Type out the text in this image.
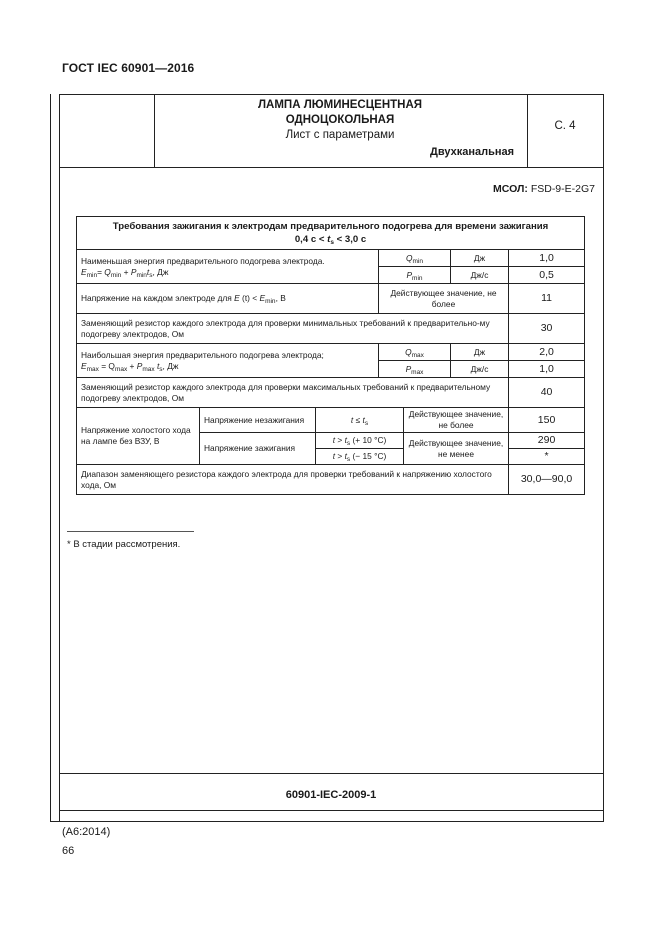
ГОСТ IEC 60901—2016
ЛАМПА ЛЮМИНЕСЦЕНТНАЯ
ОДНОЦОКОЛЬНАЯ
Лист с параметрами
Двухканальная
С. 4
МСОЛ: FSD-9-E-2G7
Требования зажигания к электродам предварительного подогрева для времени зажигания
0,4 $с < t_s < 3,0$ с						

Наименьшая энергия предварительного подогрева электрода.
$E_{min}= Q_{min} + P_{min}t_s$, Дж			$Q_{min}$		Дж	1,0
			$P_{min}$		Дж/с	0,5
Напряжение на каждом электроде для E $(t) < E_{min}$, В			Действующее значение, не более			11
Заменяющий резистор каждого электрода для проверки минимальных требований к предварительно-му подогреву электродов, Ом						30

Наибольшая энергия предварительного подогрева электрода;
$E_{max} = Q_{max} + P_{max}$ $t_s$, Дж			$Q_{max}$		Дж	2,0
			$P_{max}$		Дж/с	1,0
Заменяющий резистор каждого электрода для проверки максимальных требований к предварительному подогреву электродов, Ом						40
Напряжение холостого хода на лампе без ВЗУ, В	Напряжение незажигания	$t \le t_s$		Действующее значение, не более		150
	Напряжение зажигания	$t > t_s$ (+ 10 °C)		Действующее значение, не менее		290
		$t > t_s$ (− 15 °C)				*
Диапазон заменяющего резистора каждого электрода для проверки требований к напряжению холостого хода, Ом						30,0—90,0
* В стадии рассмотрения.
60901-IEC-2009-1
(A6:2014)
66
